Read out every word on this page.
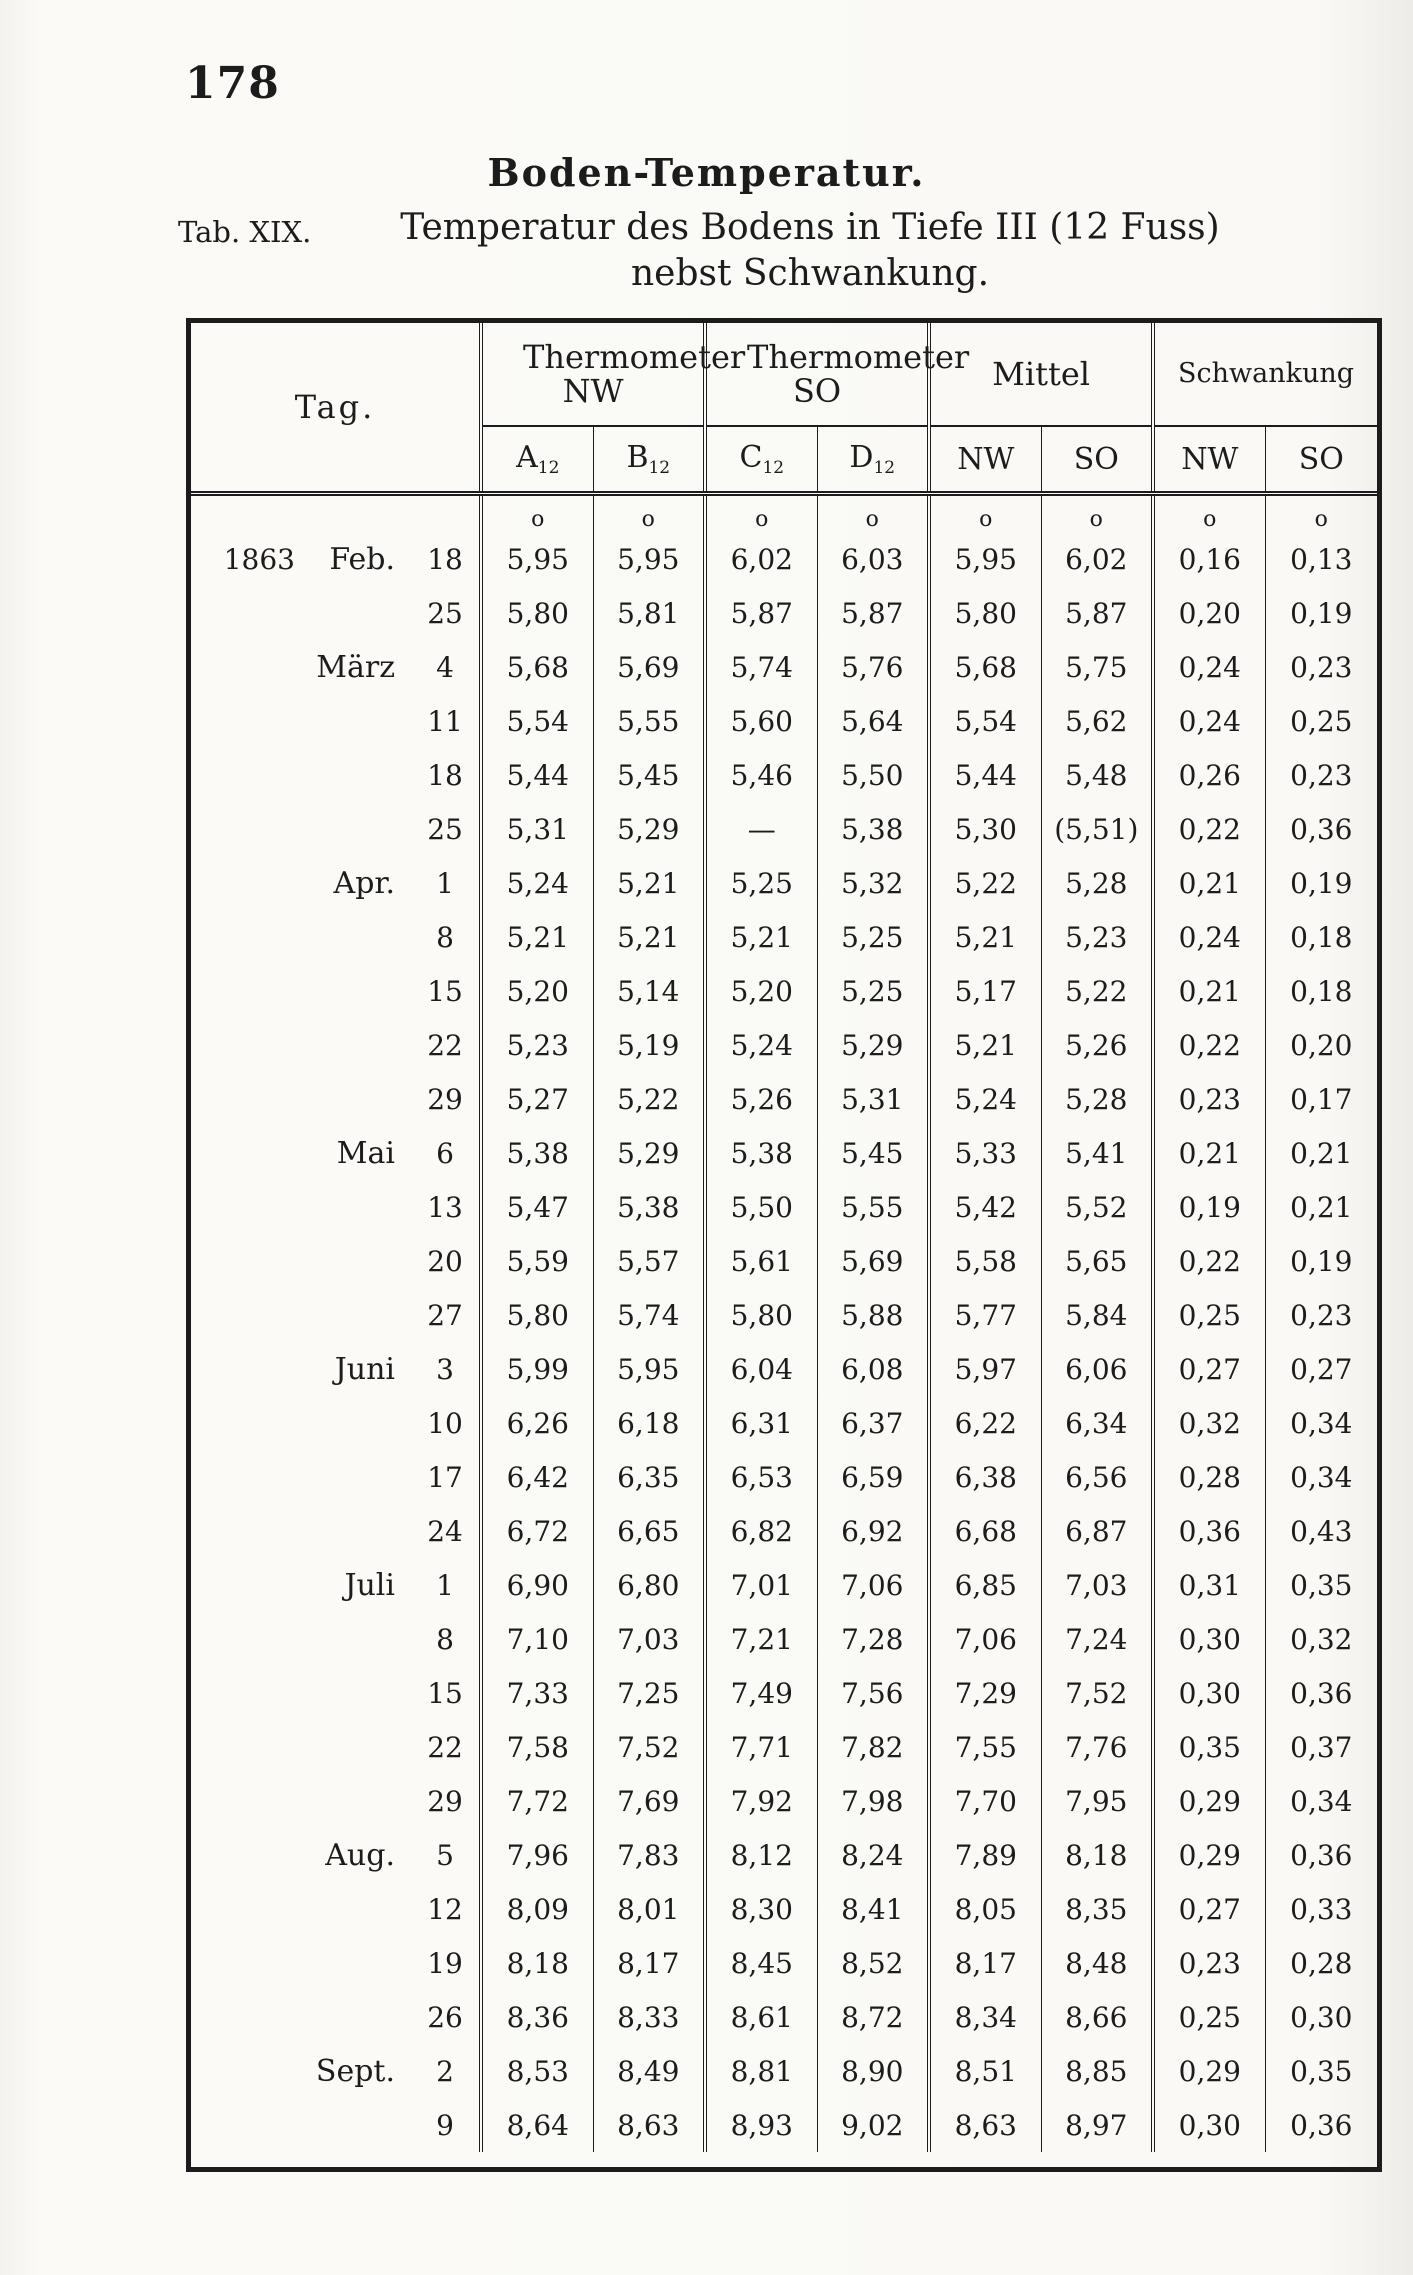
178
Boden-Temperatur.
Tab. XIX. Temperatur des Bodens in Tiefe III (12 Fuss)
nebst Schwankung.
Tag.			Thermometer NW		Thermometer SO		Mittel		Schwankung	
			$A_{12}$	$B_{12}$	$C_{12}$	$D_{12}$	NW	SO	NW	SO
			o	o	o	o	o	o	o	o
1863	Feb.	18	5,95	5,95	6,02	6,03	5,95	6,02	0,16	0,13
		25	5,80	5,81	5,87	5,87	5,80	5,87	0,20	0,19
	März	4	5,68	5,69	5,74	5,76	5,68	5,75	0,24	0,23
		11	5,54	5,55	5,60	5,64	5,54	5,62	0,24	0,25
		18	5,44	5,45	5,46	5,50	5,44	5,48	0,26	0,23
		25	5,31	5,29	—	5,38	5,30	(5,51)	0,22	0,36
	Apr.	1	5,24	5,21	5,25	5,32	5,22	5,28	0,21	0,19
		8	5,21	5,21	5,21	5,25	5,21	5,23	0,24	0,18
		15	5,20	5,14	5,20	5,25	5,17	5,22	0,21	0,18
		22	5,23	5,19	5,24	5,29	5,21	5,26	0,22	0,20
		29	5,27	5,22	5,26	5,31	5,24	5,28	0,23	0,17
	Mai	6	5,38	5,29	5,38	5,45	5,33	5,41	0,21	0,21
		13	5,47	5,38	5,50	5,55	5,42	5,52	0,19	0,21
		20	5,59	5,57	5,61	5,69	5,58	5,65	0,22	0,19
		27	5,80	5,74	5,80	5,88	5,77	5,84	0,25	0,23
	Juni	3	5,99	5,95	6,04	6,08	5,97	6,06	0,27	0,27
		10	6,26	6,18	6,31	6,37	6,22	6,34	0,32	0,34
		17	6,42	6,35	6,53	6,59	6,38	6,56	0,28	0,34
		24	6,72	6,65	6,82	6,92	6,68	6,87	0,36	0,43
	Juli	1	6,90	6,80	7,01	7,06	6,85	7,03	0,31	0,35
		8	7,10	7,03	7,21	7,28	7,06	7,24	0,30	0,32
		15	7,33	7,25	7,49	7,56	7,29	7,52	0,30	0,36
		22	7,58	7,52	7,71	7,82	7,55	7,76	0,35	0,37
		29	7,72	7,69	7,92	7,98	7,70	7,95	0,29	0,34
	Aug.	5	7,96	7,83	8,12	8,24	7,89	8,18	0,29	0,36
		12	8,09	8,01	8,30	8,41	8,05	8,35	0,27	0,33
		19	8,18	8,17	8,45	8,52	8,17	8,48	0,23	0,28
		26	8,36	8,33	8,61	8,72	8,34	8,66	0,25	0,30
	Sept.	2	8,53	8,49	8,81	8,90	8,51	8,85	0,29	0,35
		9	8,64	8,63	8,93	9,02	8,63	8,97	0,30	0,36
